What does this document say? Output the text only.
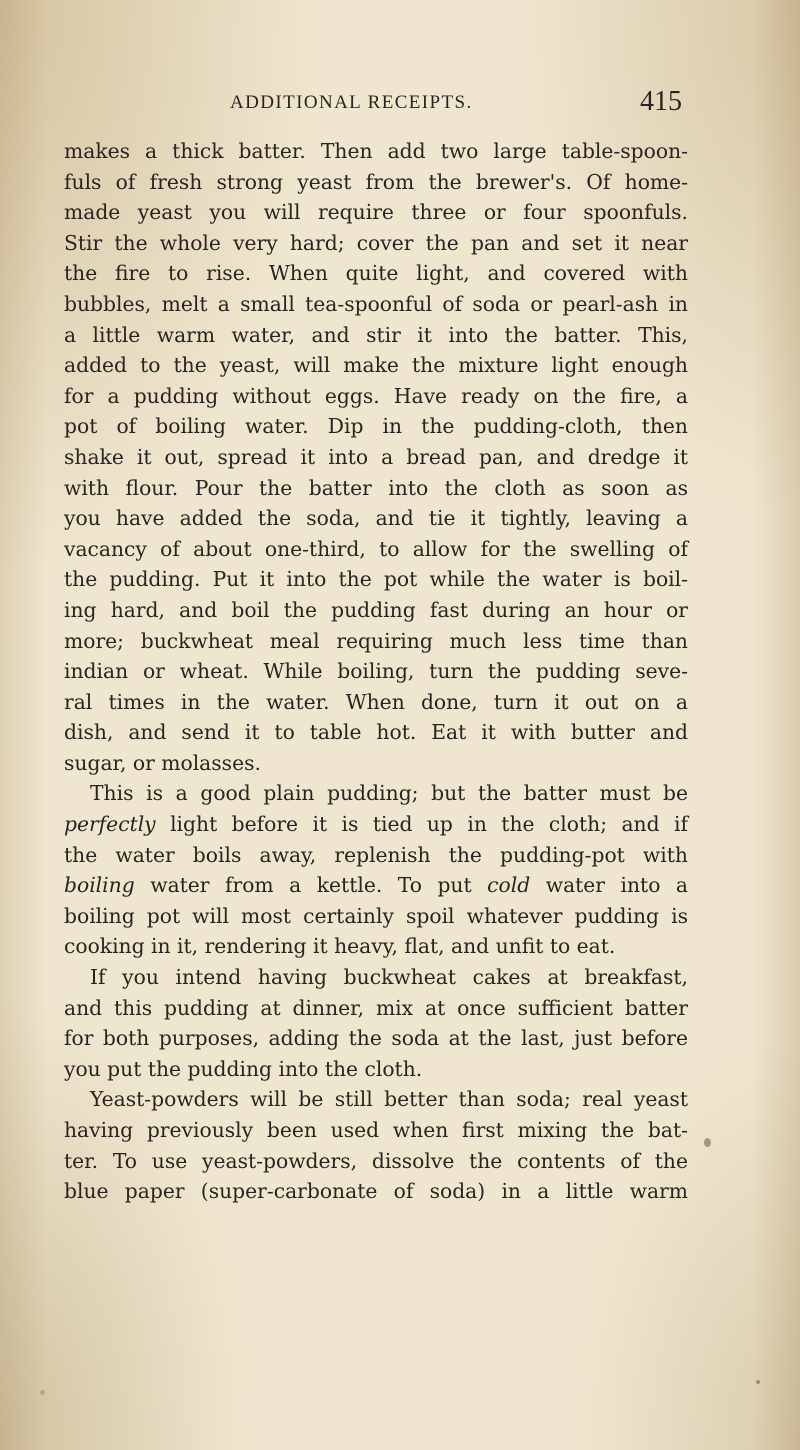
ADDITIONAL RECEIPTS.	415

makes a thick batter. Then add two large table-spoon-

fuls of fresh strong yeast from the brewer's. Of home-

made yeast you will require three or four spoonfuls.

Stir the whole very hard; cover the pan and set it near

the fire to rise. When quite light, and covered with

bubbles, melt a small tea-spoonful of soda or pearl-ash in

a little warm water, and stir it into the batter. This,

added to the yeast, will make the mixture light enough

for a pudding without eggs. Have ready on the fire, a

pot of boiling water. Dip in the pudding-cloth, then

shake it out, spread it into a bread pan, and dredge it

with flour. Pour the batter into the cloth as soon as

you have added the soda, and tie it tightly, leaving a

vacancy of about one-third, to allow for the swelling of

the pudding. Put it into the pot while the water is boil-

ing hard, and boil the pudding fast during an hour or

more; buckwheat meal requiring much less time than

indian or wheat. While boiling, turn the pudding seve-

ral times in the water. When done, turn it out on a

dish, and send it to table hot. Eat it with butter and

sugar, or molasses.

This is a good plain pudding; but the batter must be

perfectly light before it is tied up in the cloth; and if

the water boils away, replenish the pudding-pot with

boiling water from a kettle. To put cold water into a

boiling pot will most certainly spoil whatever pudding is

cooking in it, rendering it heavy, flat, and unfit to eat.

If you intend having buckwheat cakes at breakfast,

and this pudding at dinner, mix at once sufficient batter

for both purposes, adding the soda at the last, just before

you put the pudding into the cloth.

Yeast-powders will be still better than soda; real yeast

having previously been used when first mixing the bat-

ter. To use yeast-powders, dissolve the contents of the

blue paper (super-carbonate of soda) in a little warm
